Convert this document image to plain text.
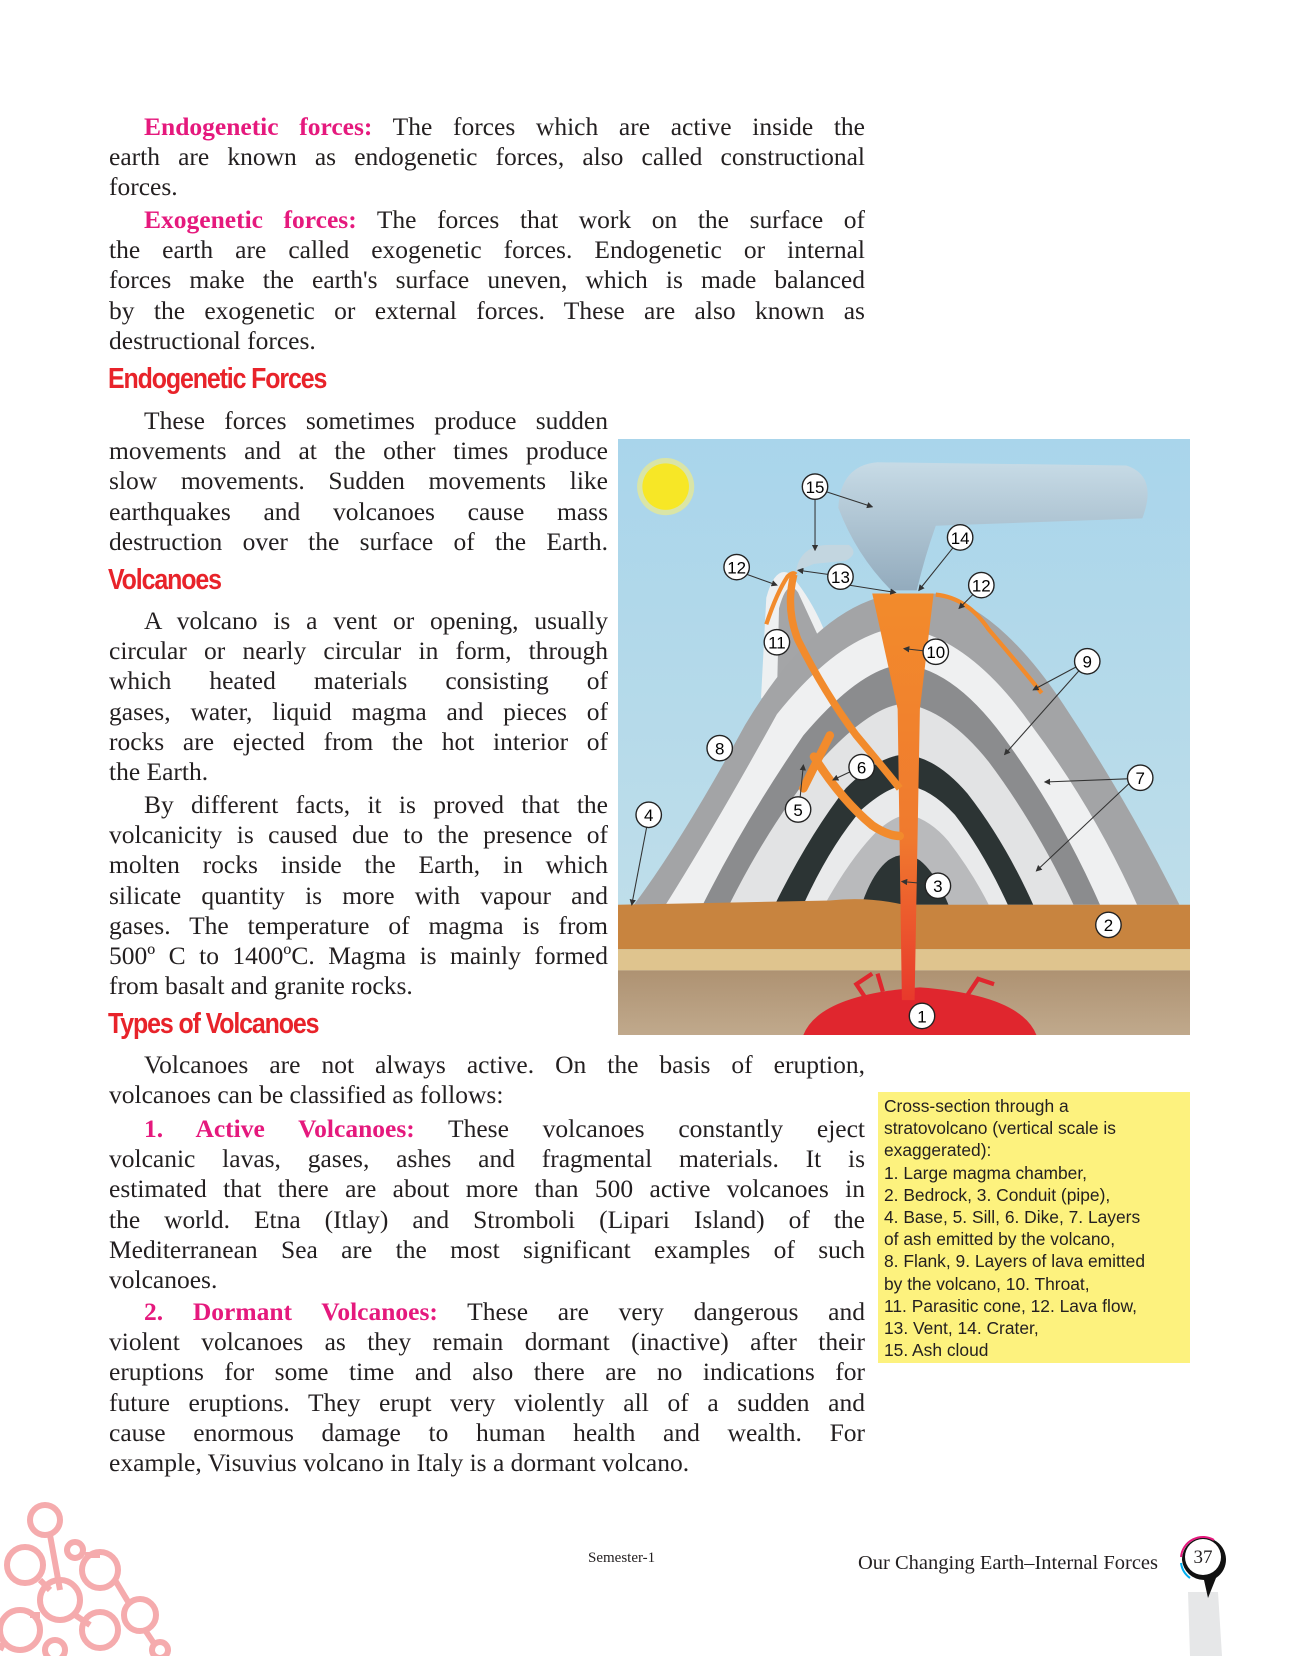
Endogenetic forces: The forces which are active inside the
earth are known as endogenetic forces, also called constructional
forces.
Exogenetic forces: The forces that work on the surface of
the earth are called exogenetic forces. Endogenetic or internal
forces make the earth's surface uneven, which is made balanced
by the exogenetic or external forces. These are also known as
destructional forces.
Endogenetic Forces
These forces sometimes produce sudden
movements and at the other times produce
slow movements. Sudden movements like
earthquakes and volcanoes cause mass
destruction over the surface of the Earth.
Volcanoes
A volcano is a vent or opening, usually
circular or nearly circular in form, through
which heated materials consisting of
gases, water, liquid magma and pieces of
rocks are ejected from the hot interior of
the Earth.
By different facts, it is proved that the
volcanicity is caused due to the presence of
molten rocks inside the Earth, in which
silicate quantity is more with vapour and
gases. The temperature of magma is from
500º C to 1400ºC. Magma is mainly formed
from basalt and granite rocks.
Types of Volcanoes
Volcanoes are not always active. On the basis of eruption,
volcanoes can be classified as follows:
1. Active Volcanoes: These volcanoes constantly eject
volcanic lavas, gases, ashes and fragmental materials. It is
estimated that there are about more than 500 active volcanoes in
the world. Etna (Itlay) and Stromboli (Lipari Island) of the
Mediterranean Sea are the most significant examples of such
volcanoes.
2. Dormant Volcanoes: These are very dangerous and
violent volcanoes as they remain dormant (inactive) after their
eruptions for some time and also there are no indications for
future eruptions. They erupt very violently all of a sudden and
cause enormous damage to human health and wealth. For
example, Visuvius volcano in Italy is a dormant volcano.
1
2
3
4	5
6
7
8
9
10
11
12
13
14
15
12
Cross-section through a
stratovolcano (vertical scale is
exaggerated):
1. Large magma chamber,
2. Bedrock, 3. Conduit (pipe),
4. Base, 5. Sill, 6. Dike, 7. Layers
of ash emitted by the volcano,
8. Flank, 9. Layers of lava emitted
by the volcano, 10. Throat,
11. Parasitic cone, 12. Lava flow,
13. Vent, 14. Crater,
15. Ash cloud
Semester-1	Our Changing Earth–Internal Forces 37
